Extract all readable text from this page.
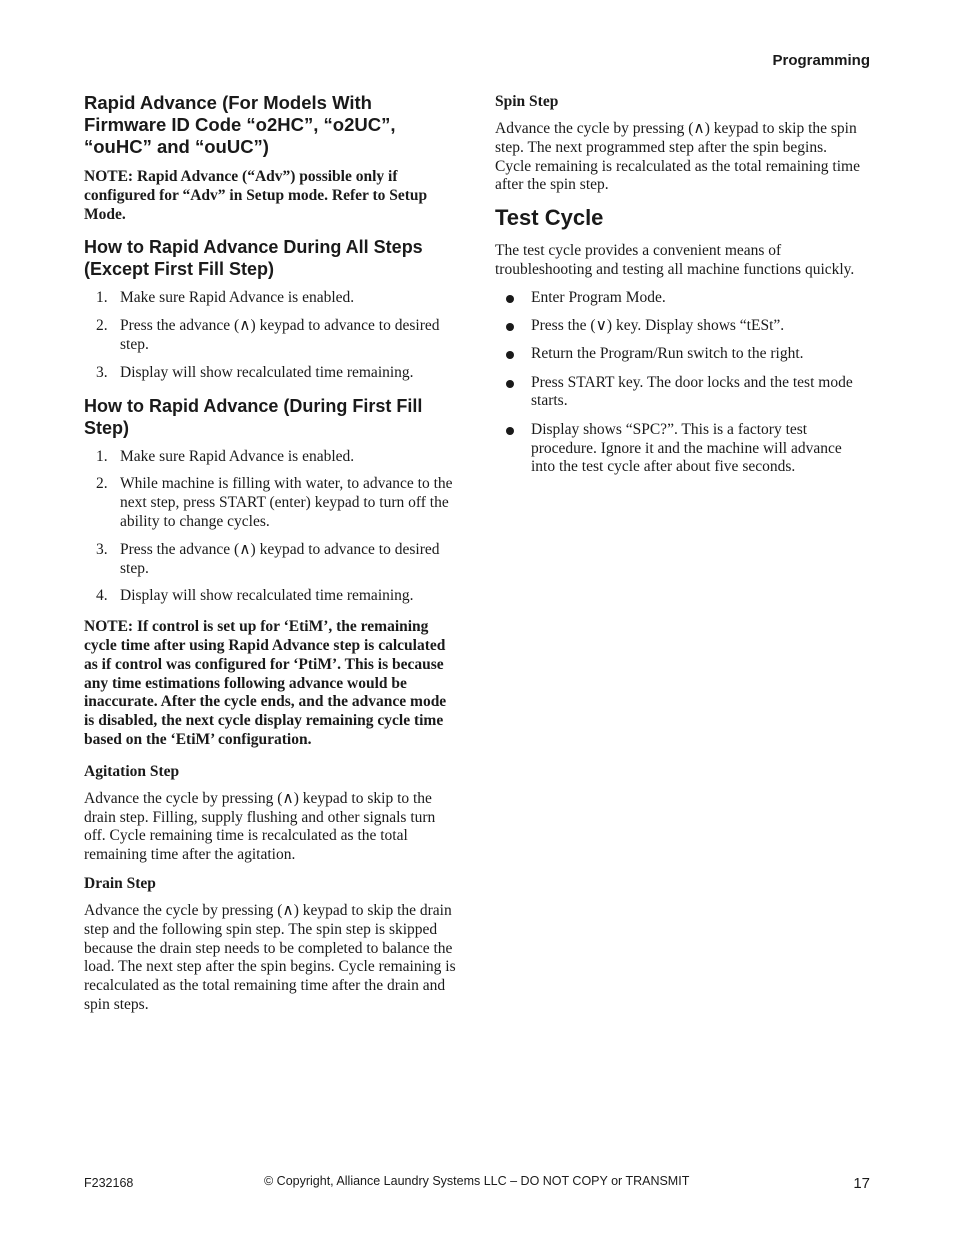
Programming
Rapid Advance (For Models With Firmware ID Code “o2HC”, “o2UC”, “ouHC” and “ouUC”)

NOTE: Rapid Advance (“Adv”) possible only if configured for “Adv” in Setup mode. Refer to Setup Mode.

How to Rapid Advance During All Steps (Except First Fill Step)
1. Make sure Rapid Advance is enabled.
2. Press the advance (∧) keypad to advance to desired step.
3. Display will show recalculated time remaining.
How to Rapid Advance (During First Fill Step)
1. Make sure Rapid Advance is enabled.
2. While machine is filling with water, to advance to the next step, press START (enter) keypad to turn off the ability to change cycles.
3. Press the advance (∧) keypad to advance to desired step.
4. Display will show recalculated time remaining.

NOTE: If control is set up for ‘EtiM’, the remaining cycle time after using Rapid Advance step is calculated as if control was configured for ‘PtiM’. This is because any time estimations following advance would be inaccurate. After the cycle ends, and the advance mode is disabled, the next cycle display remaining cycle time based on the ‘EtiM’ configuration.

Agitation Step

Advance the cycle by pressing (∧) keypad to skip to the drain step. Filling, supply flushing and other signals turn off. Cycle remaining time is recalculated as the total remaining time after the agitation.

Drain Step

Advance the cycle by pressing (∧) keypad to skip the drain step and the following spin step. The spin step is skipped because the drain step needs to be completed to balance the load. The next step after the spin begins. Cycle remaining is recalculated as the total remaining time after the drain and spin steps.

Spin Step

Advance the cycle by pressing (∧) keypad to skip the spin step. The next programmed step after the spin begins. Cycle remaining is recalculated as the total remaining time after the spin step.

Test Cycle

The test cycle provides a convenient means of troubleshooting and testing all machine functions quickly.

Enter Program Mode.
Press the (∨) key. Display shows “tESt”.
Return the Program/Run switch to the right.
Press START key. The door locks and the test mode starts.
Display shows “SPC?”. This is a factory test procedure. Ignore it and the machine will advance into the test cycle after about five seconds.
F232168	© Copyright, Alliance Laundry Systems LLC – DO NOT COPY or TRANSMIT	17
